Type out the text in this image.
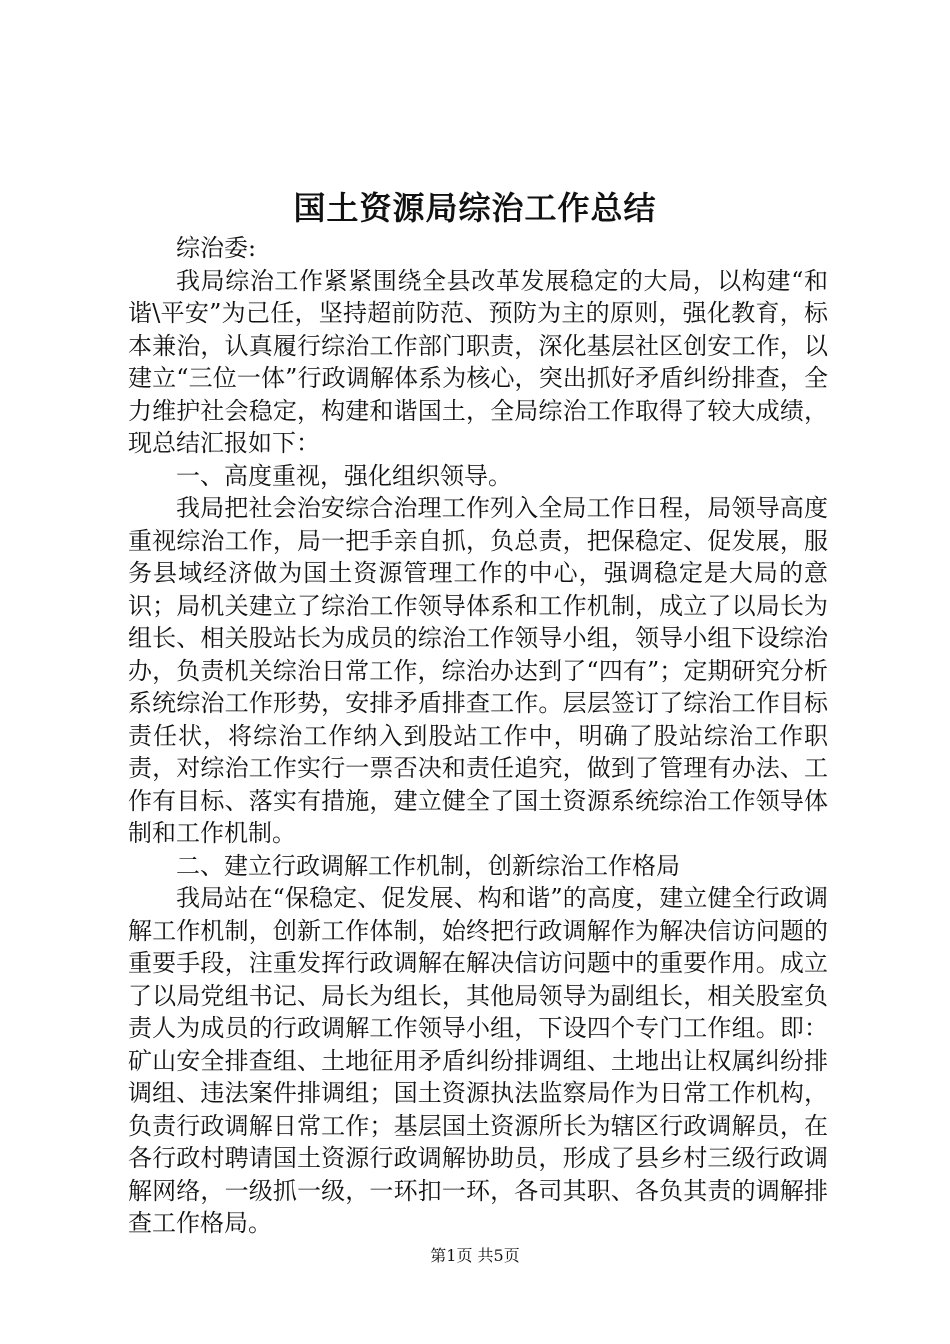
国土资源局综治工作总结

综治委:

我局综治工作紧紧围绕全县改革发展稳定的大局，以构建“和谐\平安”为己任，坚持超前防范、预防为主的原则，强化教育，标本兼治，认真履行综治工作部门职责，深化基层社区创安工作，以建立“三位一体”行政调解体系为核心，突出抓好矛盾纠纷排查，全力维护社会稳定，构建和谐国土，全局综治工作取得了较大成绩，现总结汇报如下：

一、高度重视，强化组织领导。

我局把社会治安综合治理工作列入全局工作日程，局领导高度重视综治工作，局一把手亲自抓，负总责，把保稳定、促发展，服务县域经济做为国土资源管理工作的中心，强调稳定是大局的意识；局机关建立了综治工作领导体系和工作机制，成立了以局长为组长、相关股站长为成员的综治工作领导小组，领导小组下设综治办，负责机关综治日常工作，综治办达到了“四有”；定期研究分析系统综治工作形势，安排矛盾排查工作。层层签订了综治工作目标责任状，将综治工作纳入到股站工作中，明确了股站综治工作职责，对综治工作实行一票否决和责任追究，做到了管理有办法、工作有目标、落实有措施，建立健全了国土资源系统综治工作领导体制和工作机制。

二、建立行政调解工作机制，创新综治工作格局

我局站在“保稳定、促发展、构和谐”的高度，建立健全行政调解工作机制，创新工作体制，始终把行政调解作为解决信访问题的重要手段，注重发挥行政调解在解决信访问题中的重要作用。成立了以局党组书记、局长为组长，其他局领导为副组长，相关股室负责人为成员的行政调解工作领导小组，下设四个专门工作组。即：矿山安全排查组、土地征用矛盾纠纷排调组、土地出让权属纠纷排调组、违法案件排调组；国土资源执法监察局作为日常工作机构，负责行政调解日常工作；基层国土资源所长为辖区行政调解员，在各行政村聘请国土资源行政调解协助员，形成了县乡村三级行政调解网络，一级抓一级，一环扣一环，各司其职、各负其责的调解排查工作格局。

第1页 共5页
